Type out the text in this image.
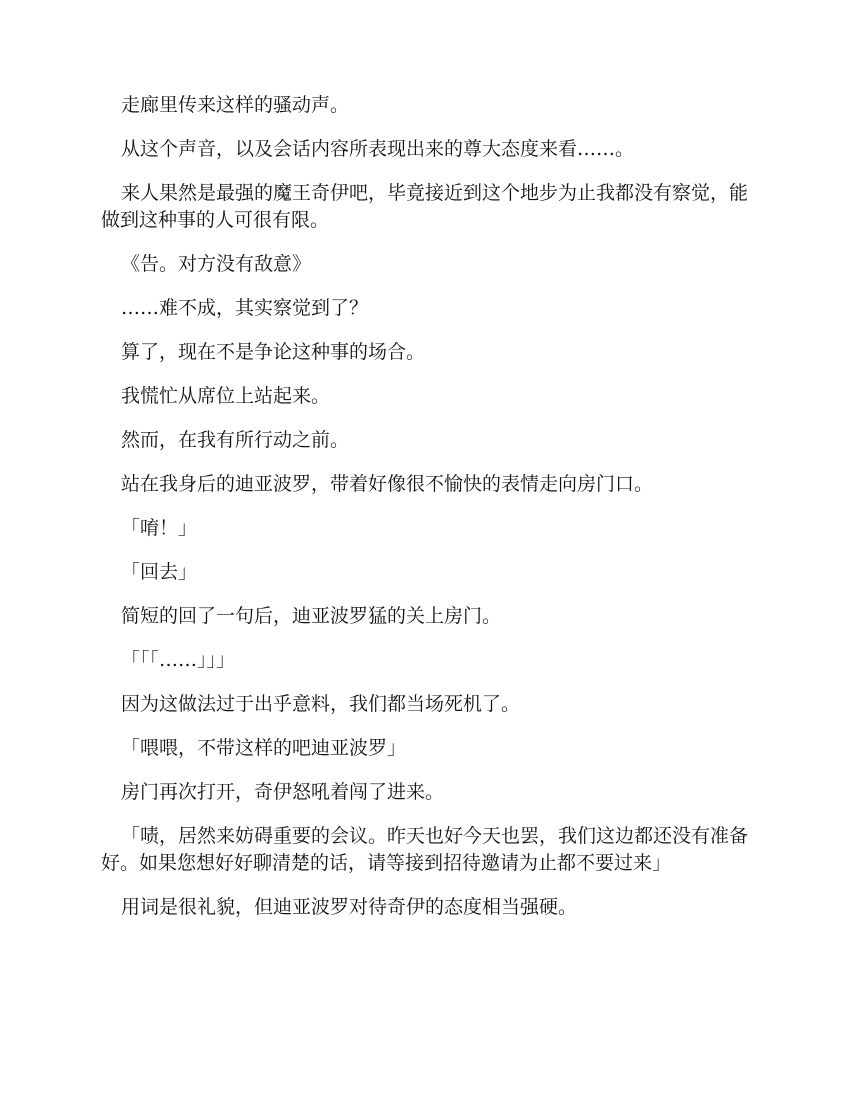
走廊里传来这样的骚动声。

从这个声音，以及会话内容所表现出来的尊大态度来看……。

来人果然是最强的魔王奇伊吧，毕竟接近到这个地步为止我都没有察觉，能做到这种事的人可很有限。

《告。对方没有敌意》

……难不成，其实察觉到了？

算了，现在不是争论这种事的场合。

我慌忙从席位上站起来。

然而，在我有所行动之前。

站在我身后的迪亚波罗，带着好像很不愉快的表情走向房门口。

「唷！」

「回去」

简短的回了一句后，迪亚波罗猛的关上房门。

「「「……」」」

因为这做法过于出乎意料，我们都当场死机了。

「喂喂，不带这样的吧迪亚波罗」

房门再次打开，奇伊怒吼着闯了进来。

「啧，居然来妨碍重要的会议。昨天也好今天也罢，我们这边都还没有准备好。如果您想好好聊清楚的话，请等接到招待邀请为止都不要过来」

用词是很礼貌，但迪亚波罗对待奇伊的态度相当强硬。
